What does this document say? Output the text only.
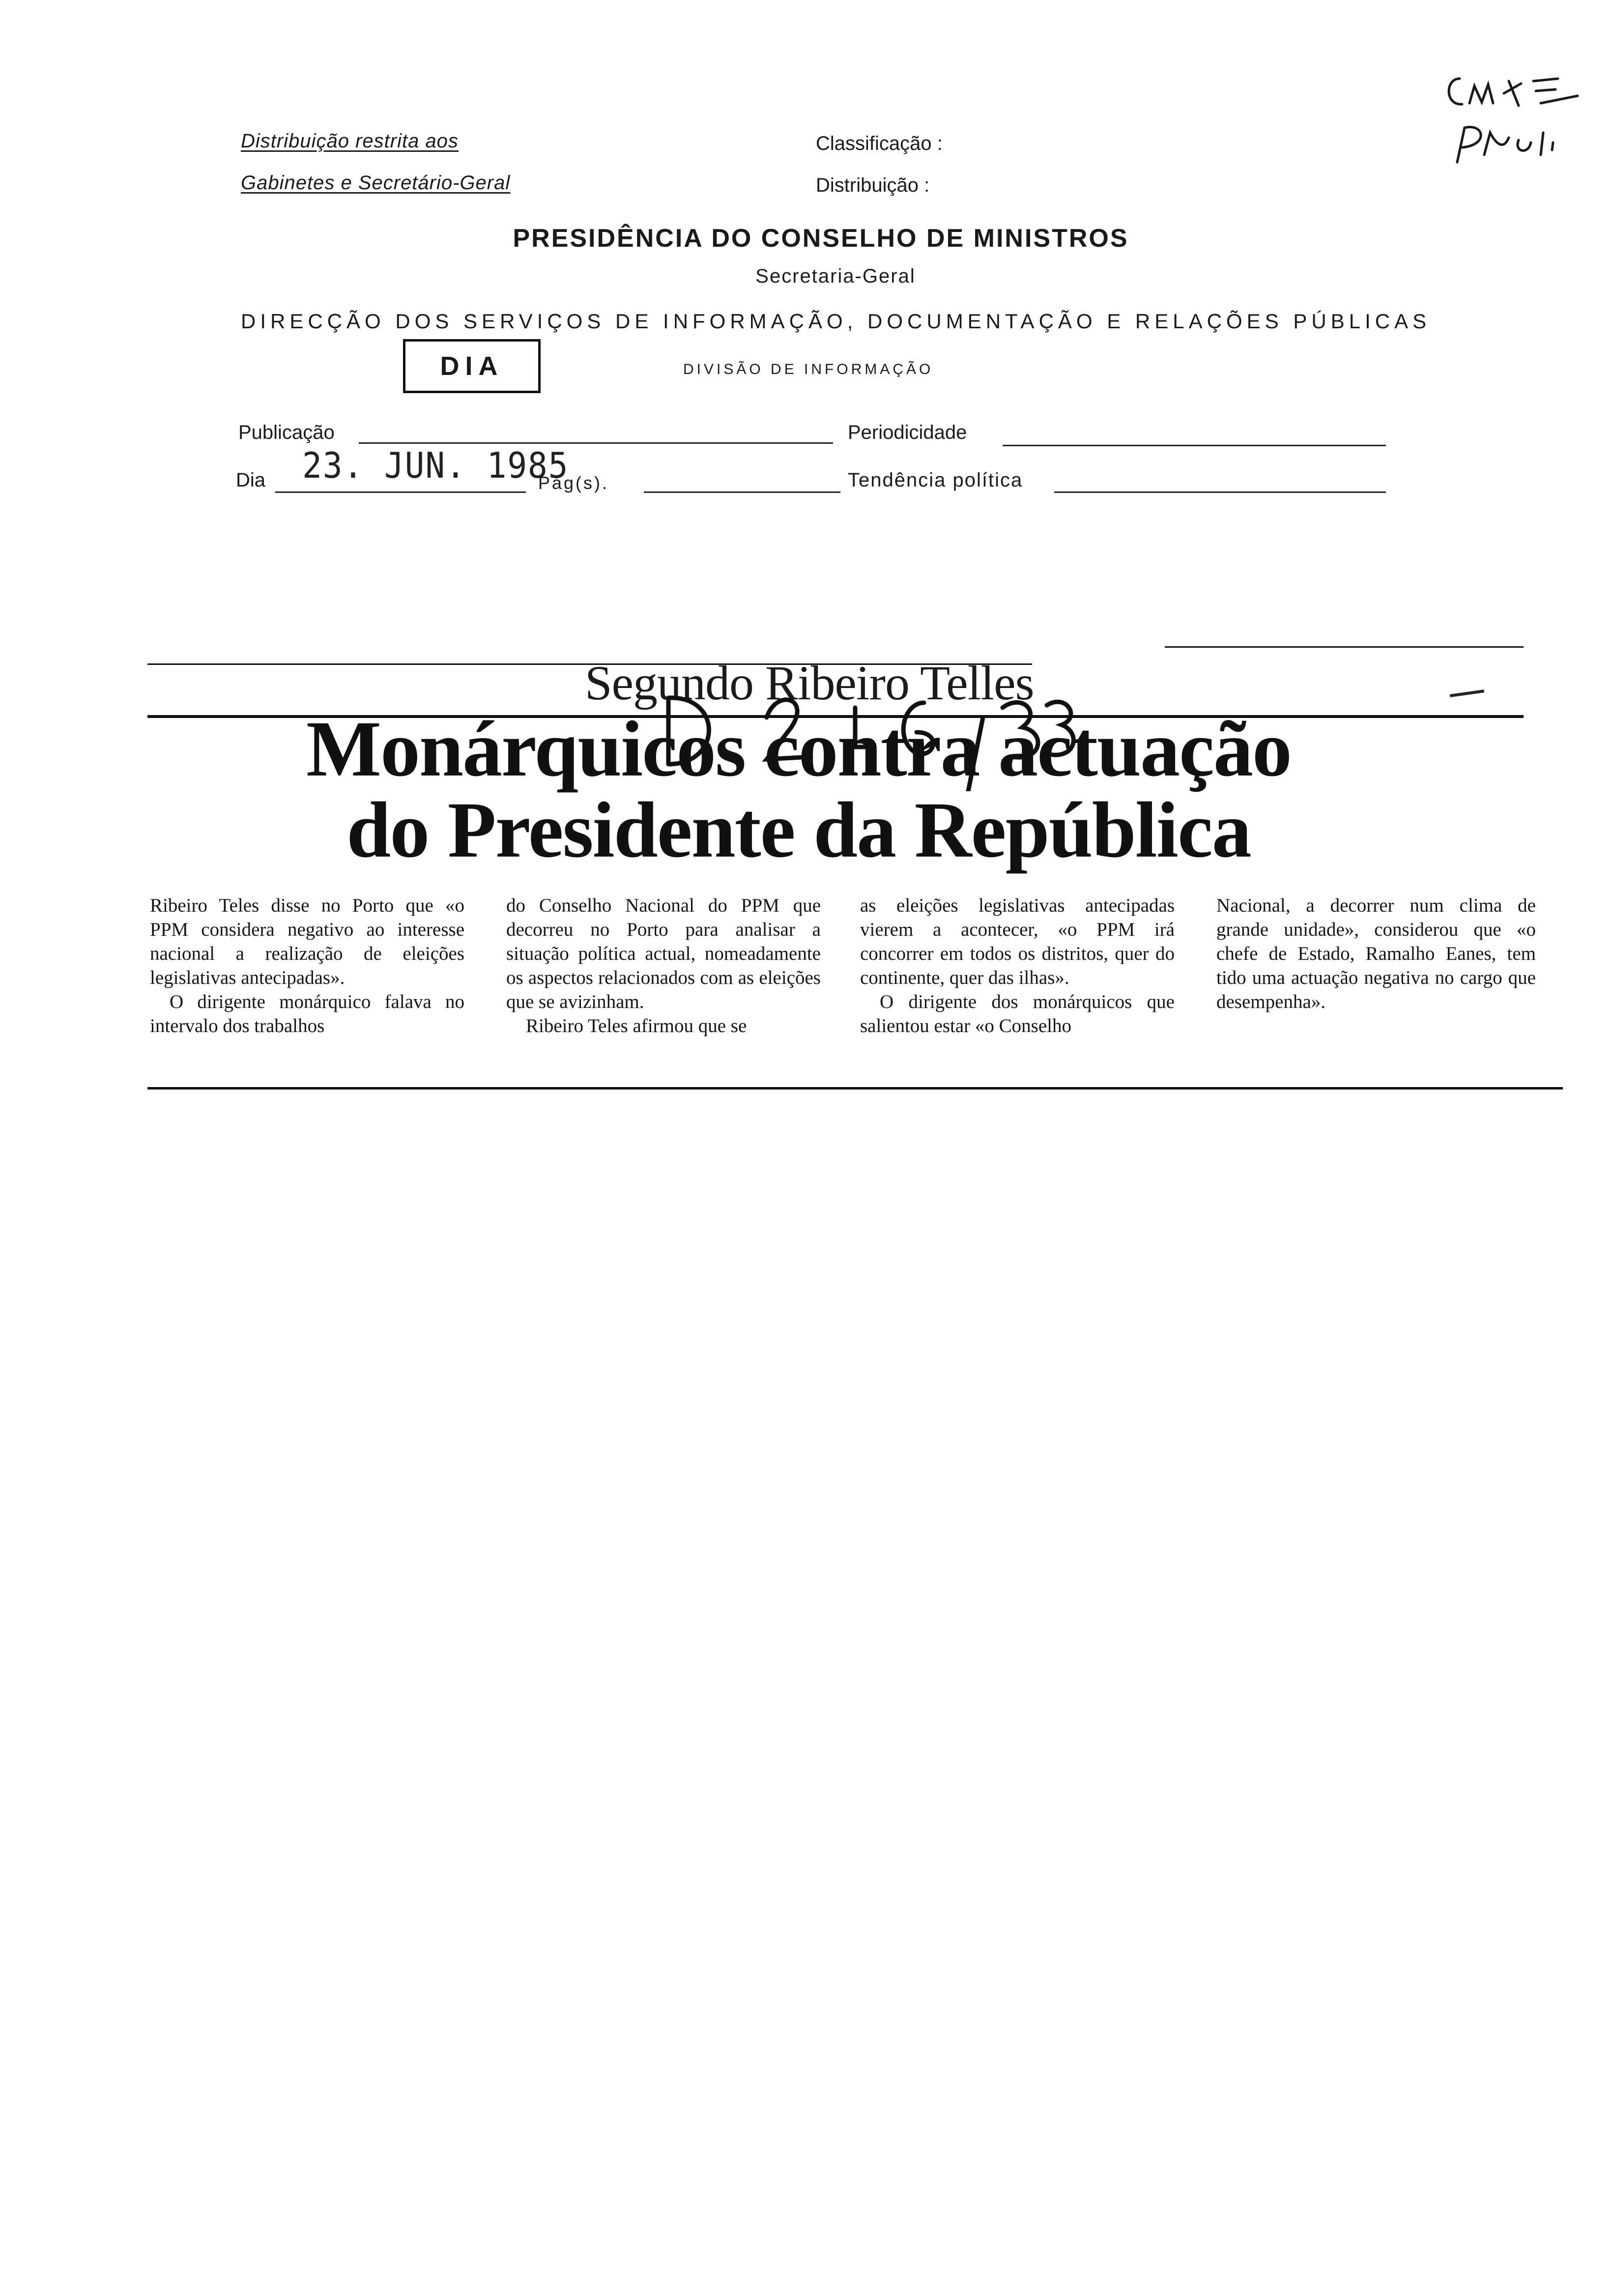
Distribuição restrita aos
Gabinetes e Secretário-Geral
Classificação :
Distribuição :
PRESIDÊNCIA DO CONSELHO DE MINISTROS
Secretaria-Geral
DIRECÇÃO DOS SERVIÇOS DE INFORMAÇÃO, DOCUMENTAÇÃO E RELAÇÕES PÚBLICAS
DIA	DIVISÃO DE INFORMAÇÃO
Publicação	Periodicidade
Dia 23. JUN. 1985
Pág(s).	Tendência política
Segundo Ribeiro Telles
Monárquicos contra actuação
do Presidente da República

Ribeiro Teles disse no Porto que «o PPM considera negativo ao interesse nacional a realização de eleições legislativas antecipadas».

O dirigente monárquico falava no intervalo dos trabalhos

do Conselho Nacional do PPM que decorreu no Porto para analisar a situação política actual, nomeadamente os aspectos relacionados com as eleições que se avizinham.

Ribeiro Teles afirmou que se

as eleições legislativas antecipadas vierem a acontecer, «o PPM irá concorrer em todos os distritos, quer do continente, quer das ilhas».

O dirigente dos monárquicos que salientou estar «o Conselho

Nacional, a decorrer num clima de grande unidade», considerou que «o chefe de Estado, Ramalho Eanes, tem tido uma actuação negativa no cargo que desempenha».
